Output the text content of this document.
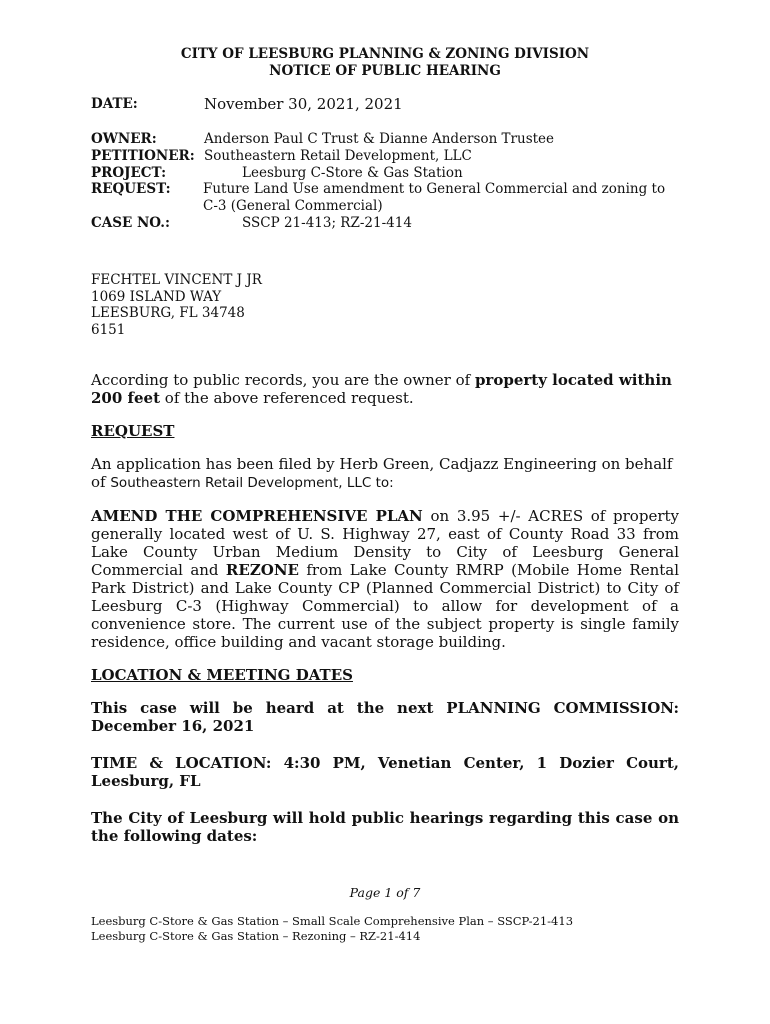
CITY OF LEESBURG PLANNING & ZONING DIVISION
NOTICE OF PUBLIC HEARING
DATE:	November 30, 2021, 2021
OWNER:	Anderson Paul C Trust & Dianne Anderson Trustee
PETITIONER: Southeastern Retail Development, LLC
PROJECT:	Leesburg C-Store & Gas Station
REQUEST: Future Land Use amendment to General Commercial and zoning to
C-3 (General Commercial)
CASE NO.:	SSCP 21-413; RZ-21-414
FECHTEL VINCENT J JR
1069 ISLAND WAY
LEESBURG, FL 34748
6151
According to public records, you are the owner of property located within 200 feet of the above referenced request.
REQUEST
An application has been filed by Herb Green, Cadjazz Engineering on behalf of Southeastern Retail Development, LLC to:
AMEND THE COMPREHENSIVE PLAN on 3.95 +/- ACRES of property generally located west of U. S. Highway 27, east of County Road 33 from Lake County Urban Medium Density to City of Leesburg General Commercial and REZONE from Lake County RMRP (Mobile Home Rental Park District) and Lake County CP (Planned Commercial District) to City of Leesburg C-3 (Highway Commercial) to allow for development of a convenience store. The current use of the subject property is single family residence, office building and vacant storage building.
LOCATION & MEETING DATES
This case will be heard at the next PLANNING COMMISSION: December 16, 2021
TIME & LOCATION: 4:30 PM, Venetian Center, 1 Dozier Court, Leesburg, FL
The City of Leesburg will hold public hearings regarding this case on the following dates:
Page 1 of 7
Leesburg C-Store & Gas Station – Small Scale Comprehensive Plan – SSCP-21-413
Leesburg C-Store & Gas Station – Rezoning – RZ-21-414
